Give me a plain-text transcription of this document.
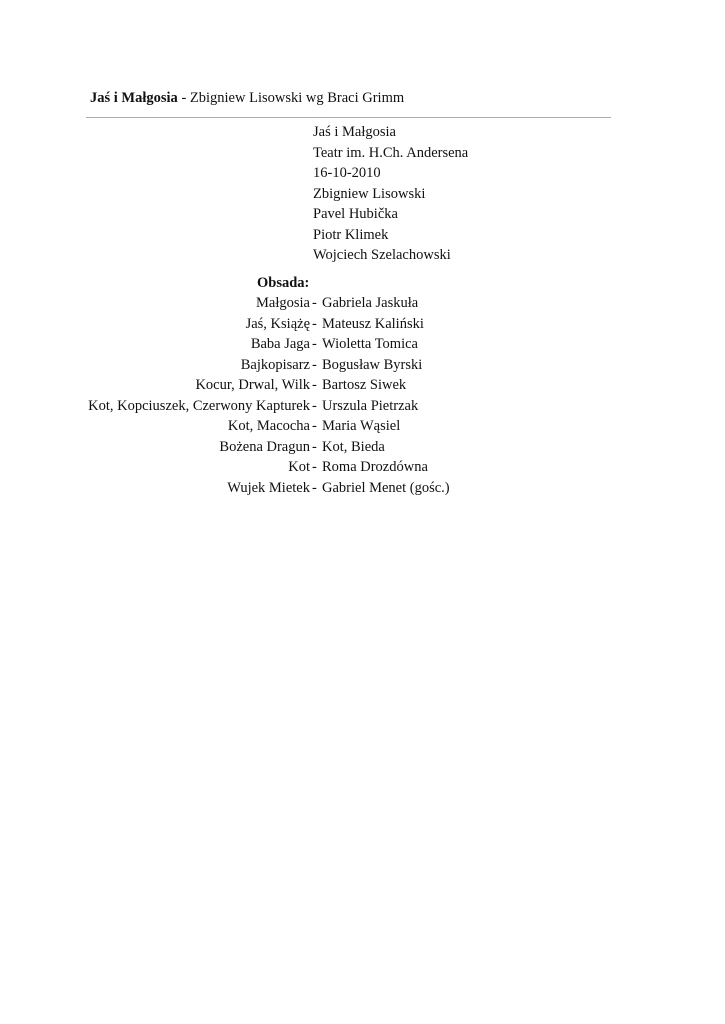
Jaś i Małgosia - Zbigniew Lisowski wg Braci Grimm
Jaś i Małgosia
Teatr im. H.Ch. Andersena
16-10-2010
Zbigniew Lisowski
Pavel Hubička
Piotr Klimek
Wojciech Szelachowski
Obsada:
Małgosia - Gabriela Jaskuła
Jaś, Książę - Mateusz Kaliński
Baba Jaga - Wioletta Tomica
Bajkopisarz - Bogusław Byrski
Kocur, Drwal, Wilk - Bartosz Siwek
Kot, Kopciuszek, Czerwony Kapturek - Urszula Pietrzak
Kot, Macocha - Maria Wąsiel
Bożena Dragun - Kot, Bieda
Kot - Roma Drozdówna
Wujek Mietek - Gabriel Menet (gośc.)
